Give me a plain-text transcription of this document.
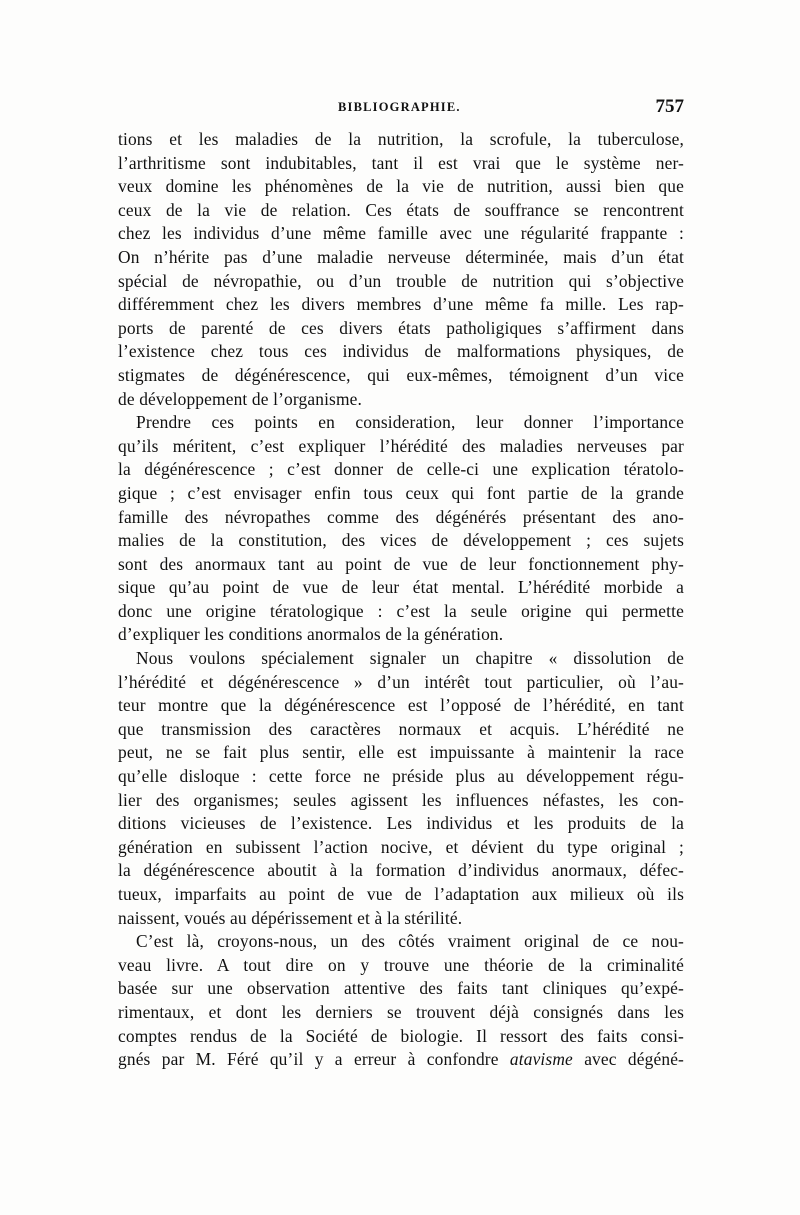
BIBLIOGRAPHIE.	757
tions et les maladies de la nutrition, la scrofule, la tuberculose,
l’arthritisme sont indubitables, tant il est vrai que le système ner-
veux domine les phénomènes de la vie de nutrition, aussi bien que
ceux de la vie de relation. Ces états de souffrance se rencontrent
chez les individus d’une même famille avec une régularité frappante :
On n’hérite pas d’une maladie nerveuse déterminée, mais d’un état
spécial de névropathie, ou d’un trouble de nutrition qui s’objective
différemment chez les divers membres d’une même fa mille. Les rap-
ports de parenté de ces divers états patholigiques s’affirment dans
l’existence chez tous ces individus de malformations physiques, de
stigmates de dégénérescence, qui eux-mêmes, témoignent d’un vice
de développement de l’organisme.
Prendre ces points en consideration, leur donner l’importance
qu’ils méritent, c’est expliquer l’hérédité des maladies nerveuses par
la dégénérescence ; c’est donner de celle-ci une explication tératolo-
gique ; c’est envisager enfin tous ceux qui font partie de la grande
famille des névropathes comme des dégénérés présentant des ano-
malies de la constitution, des vices de développement ; ces sujets
sont des anormaux tant au point de vue de leur fonctionnement phy-
sique qu’au point de vue de leur état mental. L’hérédité morbide a
donc une origine tératologique : c’est la seule origine qui permette
d’expliquer les conditions anormalos de la génération.
Nous voulons spécialement signaler un chapitre « dissolution de
l’hérédité et dégénérescence » d’un intérêt tout particulier, où l’au-
teur montre que la dégénérescence est l’opposé de l’hérédité, en tant
que transmission des caractères normaux et acquis. L’hérédité ne
peut, ne se fait plus sentir, elle est impuissante à maintenir la race
qu’elle disloque : cette force ne préside plus au développement régu-
lier des organismes; seules agissent les influences néfastes, les con-
ditions vicieuses de l’existence. Les individus et les produits de la
génération en subissent l’action nocive, et dévient du type original ;
la dégénérescence aboutit à la formation d’individus anormaux, défec-
tueux, imparfaits au point de vue de l’adaptation aux milieux où ils
naissent, voués au dépérissement et à la stérilité.
C’est là, croyons-nous, un des côtés vraiment original de ce nou-
veau livre. A tout dire on y trouve une théorie de la criminalité
basée sur une observation attentive des faits tant cliniques qu’expé-
rimentaux, et dont les derniers se trouvent déjà consignés dans les
comptes rendus de la Société de biologie. Il ressort des faits consi-
gnés par M. Féré qu’il y a erreur à confondre atavisme avec dégéné-
